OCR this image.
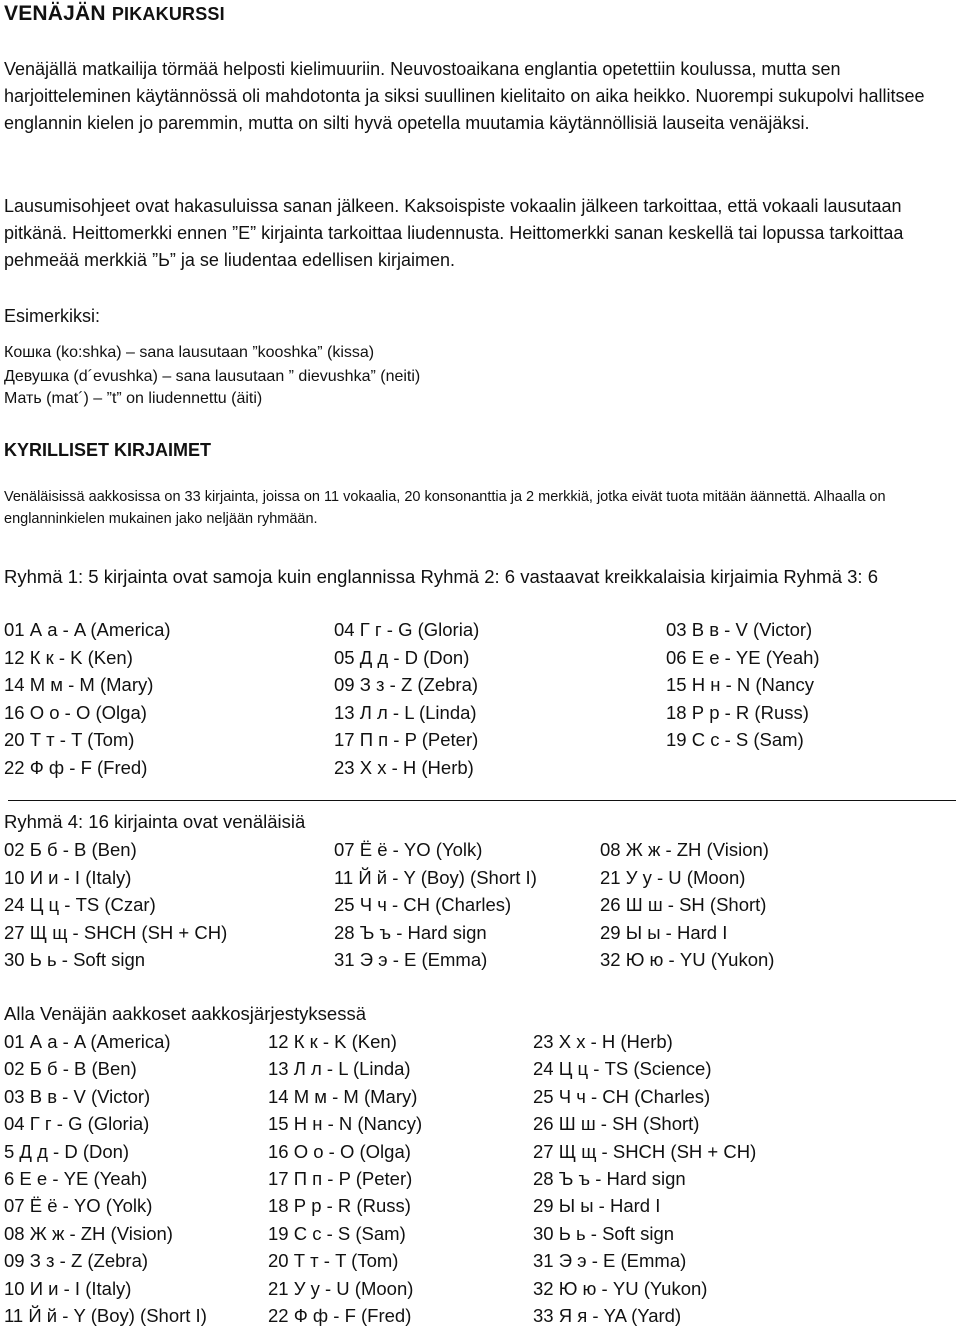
VENÄJÄN PIKAKURSSI
Venäjällä matkailija törmää helposti kielimuuriin. Neuvostoaikana englantia opetettiin koulussa, mutta sen harjoitteleminen käytännössä oli mahdotonta ja siksi suullinen kielitaito on aika heikko. Nuorempi sukupolvi hallitsee englannin kielen jo paremmin, mutta on silti hyvä opetella muutamia käytännöllisiä lauseita venäjäksi.
Lausumisohjeet ovat hakasuluissa sanan jälkeen. Kaksoispiste vokaalin jälkeen tarkoittaa, että vokaali lausutaan pitkänä. Heittomerkki ennen ”E” kirjainta tarkoittaa liudennusta. Heittomerkki sanan keskellä tai lopussa tarkoittaa pehmeää merkkiä ”Ь” ja se liudentaa edellisen kirjaimen.
Esimerkiksi:
Кошка (ko:shka) – sana lausutaan ”kooshka” (kissa)
Девушка (d´evushka) – sana lausutaan ” dievushka” (neiti)
Мать (mat´) – ”t” on liudennettu (äiti)
KYRILLISET KIRJAIMET
Venäläisissä aakkosissa on 33 kirjainta, joissa on 11 vokaalia, 20 konsonanttia ja 2 merkkiä, jotka eivät tuota mitään äännettä. Alhaalla on englanninkielen mukainen jako neljään ryhmään.
Ryhmä 1: 5 kirjainta ovat samoja kuin englannissa Ryhmä 2: 6 vastaavat kreikkalaisia kirjaimia Ryhmä 3: 6
01 А а - A (America)	04 Г г - G (Gloria)	03 В в - V (Victor)
12 К к - K (Ken)	05 Д д - D (Don)	06 Е е - YE (Yeah)
14 М м - M (Mary)	09 З з - Z (Zebra)	15 Н н - N (Nancy
16 О о - O (Olga)	13 Л л - L (Linda)	18 Р р - R (Russ)
20 Т т - T (Tom)	17 П п - P (Peter)	19 С с - S (Sam)
22 Ф ф - F (Fred)	23 Х х - H (Herb)
Ryhmä 4: 16 kirjainta ovat venäläisiä
02 Б б - B (Ben)	07 Ё ё - YO (Yolk)	08 Ж ж - ZH (Vision)
10 И и - I (Italy)	11 Й й - Y (Boy) (Short I)	21 У у - U (Moon)
24 Ц ц - TS (Czar)	25 Ч ч - CH (Charles)	26 Ш ш - SH (Short)
27 Щ щ - SHCH (SH + CH)	28 Ъ ъ - Hard sign	29 Ы ы - Hard I
30 Ь ь - Soft sign	31 Э э - E (Emma)	32 Ю ю - YU (Yukon)
Alla Venäjän aakkoset aakkosjärjestyksessä
01 А а - A (America)	12 К к - K (Ken)	23 Х х - H (Herb)
02 Б б - B (Ben)	13 Л л - L (Linda)	24 Ц ц - TS (Science)
03 В в - V (Victor)	14 М м - M (Mary)	25 Ч ч - CH (Charles)
04 Г г - G (Gloria)	15 Н н - N (Nancy)	26 Ш ш - SH (Short)
5 Д д - D (Don)	16 О о - O (Olga)	27 Щ щ - SHCH (SH + CH)
6 Е е - YE (Yeah)	17 П п - P (Peter)	28 Ъ ъ - Hard sign
07 Ё ё - YO (Yolk)	18 Р р - R (Russ)	29 Ы ы - Hard I
08 Ж ж - ZH (Vision)	19 С с - S (Sam)	30 Ь ь - Soft sign
09 З з - Z (Zebra)	20 Т т - T (Tom)	31 Э э - E (Emma)
10 И и - I (Italy)	21 У у - U (Moon)	32 Ю ю - YU (Yukon)
11 Й й - Y (Boy) (Short I)	22 Ф ф - F (Fred)	33 Я я - YA (Yard)
